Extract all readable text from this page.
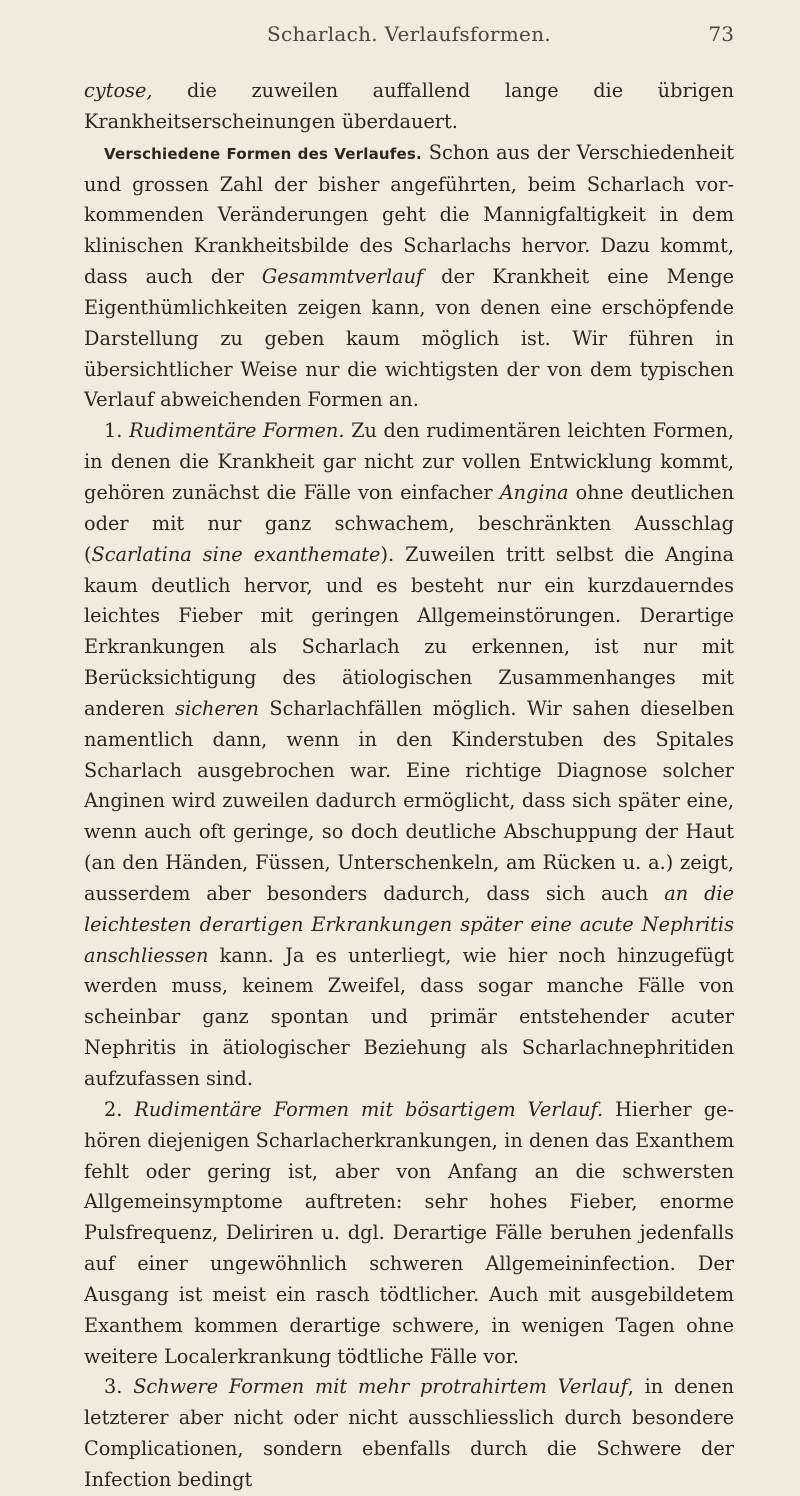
Scharlach. Verlaufsformen.	73

cytose, die zuweilen auffallend lange die übrigen Krankheitserscheinungen überdauert.

Verschiedene Formen des Verlaufes. Schon aus der Verschiedenheit und grossen Zahl der bisher angeführten, beim Scharlach vorkommenden Veränderungen geht die Mannigfaltigkeit in dem klinischen Krankheitsbilde des Scharlachs hervor. Dazu kommt, dass auch der Gesammtverlauf der Krankheit eine Menge Eigenthümlichkeiten zeigen kann, von denen eine erschöpfende Darstellung zu geben kaum möglich ist. Wir führen in übersichtlicher Weise nur die wichtigsten der von dem typischen Verlauf abweichenden Formen an.

1. Rudimentäre Formen. Zu den rudimentären leichten Formen, in denen die Krankheit gar nicht zur vollen Entwicklung kommt, gehören zunächst die Fälle von einfacher Angina ohne deutlichen oder mit nur ganz schwachem, beschränkten Ausschlag (Scarlatina sine exanthemate). Zuweilen tritt selbst die Angina kaum deutlich hervor, und es besteht nur ein kurzdauerndes leichtes Fieber mit geringen Allgemeinstörungen. Derartige Erkrankungen als Scharlach zu erkennen, ist nur mit Berücksichtigung des ätiologischen Zusammenhanges mit anderen sicheren Scharlachfällen möglich. Wir sahen dieselben namentlich dann, wenn in den Kinderstuben des Spitales Scharlach ausgebrochen war. Eine richtige Diagnose solcher Anginen wird zuweilen dadurch ermöglicht, dass sich später eine, wenn auch oft geringe, so doch deutliche Abschuppung der Haut (an den Händen, Füssen, Unterschenkeln, am Rücken u. a.) zeigt, ausserdem aber besonders dadurch, dass sich auch an die leichtesten derartigen Erkrankungen später eine acute Nephritis anschliessen kann. Ja es unterliegt, wie hier noch hinzugefügt werden muss, keinem Zweifel, dass sogar manche Fälle von scheinbar ganz spontan und primär entstehender acuter Nephritis in ätiologischer Beziehung als Scharlachnephritiden aufzufassen sind.

2. Rudimentäre Formen mit bösartigem Verlauf. Hierher gehören diejenigen Scharlacherkrankungen, in denen das Exanthem fehlt oder gering ist, aber von Anfang an die schwersten Allgemeinsymptome auftreten: sehr hohes Fieber, enorme Pulsfrequenz, Deliriren u. dgl. Derartige Fälle beruhen jedenfalls auf einer ungewöhnlich schweren Allgemeininfection. Der Ausgang ist meist ein rasch tödtlicher. Auch mit ausgebildetem Exanthem kommen derartige schwere, in wenigen Tagen ohne weitere Localerkrankung tödtliche Fälle vor.

3. Schwere Formen mit mehr protrahirtem Verlauf, in denen letzterer aber nicht oder nicht ausschliesslich durch besondere Complicationen, sondern ebenfalls durch die Schwere der Infection bedingt
